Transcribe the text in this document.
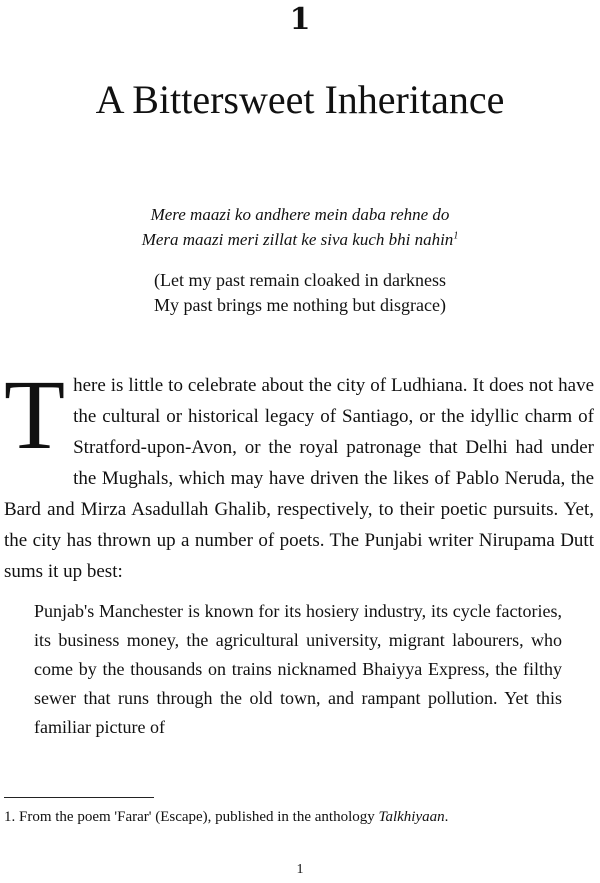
1
A Bittersweet Inheritance
Mere maazi ko andhere mein daba rehne do
Mera maazi meri zillat ke siva kuch bhi nahin$^1$
(Let my past remain cloaked in darkness
My past brings me nothing but disgrace)
There is little to celebrate about the city of Ludhiana. It does not have the cultural or historical legacy of Santiago, or the idyllic charm of Stratford-upon-Avon, or the royal patronage that Delhi had under the Mughals, which may have driven the likes of Pablo Neruda, the Bard and Mirza Asadullah Ghalib, respectively, to their poetic pursuits. Yet, the city has thrown up a number of poets. The Punjabi writer Nirupama Dutt sums it up best:
Punjab's Manchester is known for its hosiery industry, its cycle factories, its business money, the agricultural university, migrant labourers, who come by the thousands on trains nicknamed Bhaiyya Express, the filthy sewer that runs through the old town, and rampant pollution. Yet this familiar picture of
1. From the poem 'Farar' (Escape), published in the anthology Talkhiyaan.
1
